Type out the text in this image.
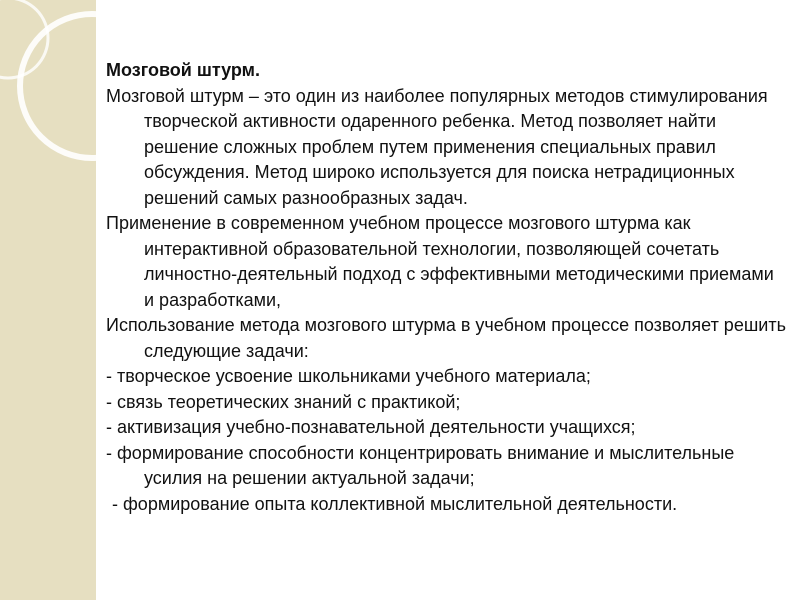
Мозговой штурм.

Мозговой штурм – это один из наиболее популярных методов стимулирования творческой активности одаренного ребенка. Метод позволяет найти решение сложных проблем путем применения специальных правил обсуждения. Метод широко используется для поиска нетрадиционных решений самых разнообразных задач.

Применение в современном учебном процессе мозгового штурма как интерактивной образовательной технологии, позволяющей сочетать личностно-деятельный подход с эффективными методическими приемами и разработками,

Использование метода мозгового штурма в учебном процессе позволяет решить следующие задачи:

- творческое усвоение школьниками учебного материала;

- связь теоретических знаний с практикой;

- активизация учебно-познавательной деятельности учащихся;

- формирование способности концентрировать внимание и мыслительные усилия на решении актуальной задачи;

- формирование опыта коллективной мыслительной деятельности.
